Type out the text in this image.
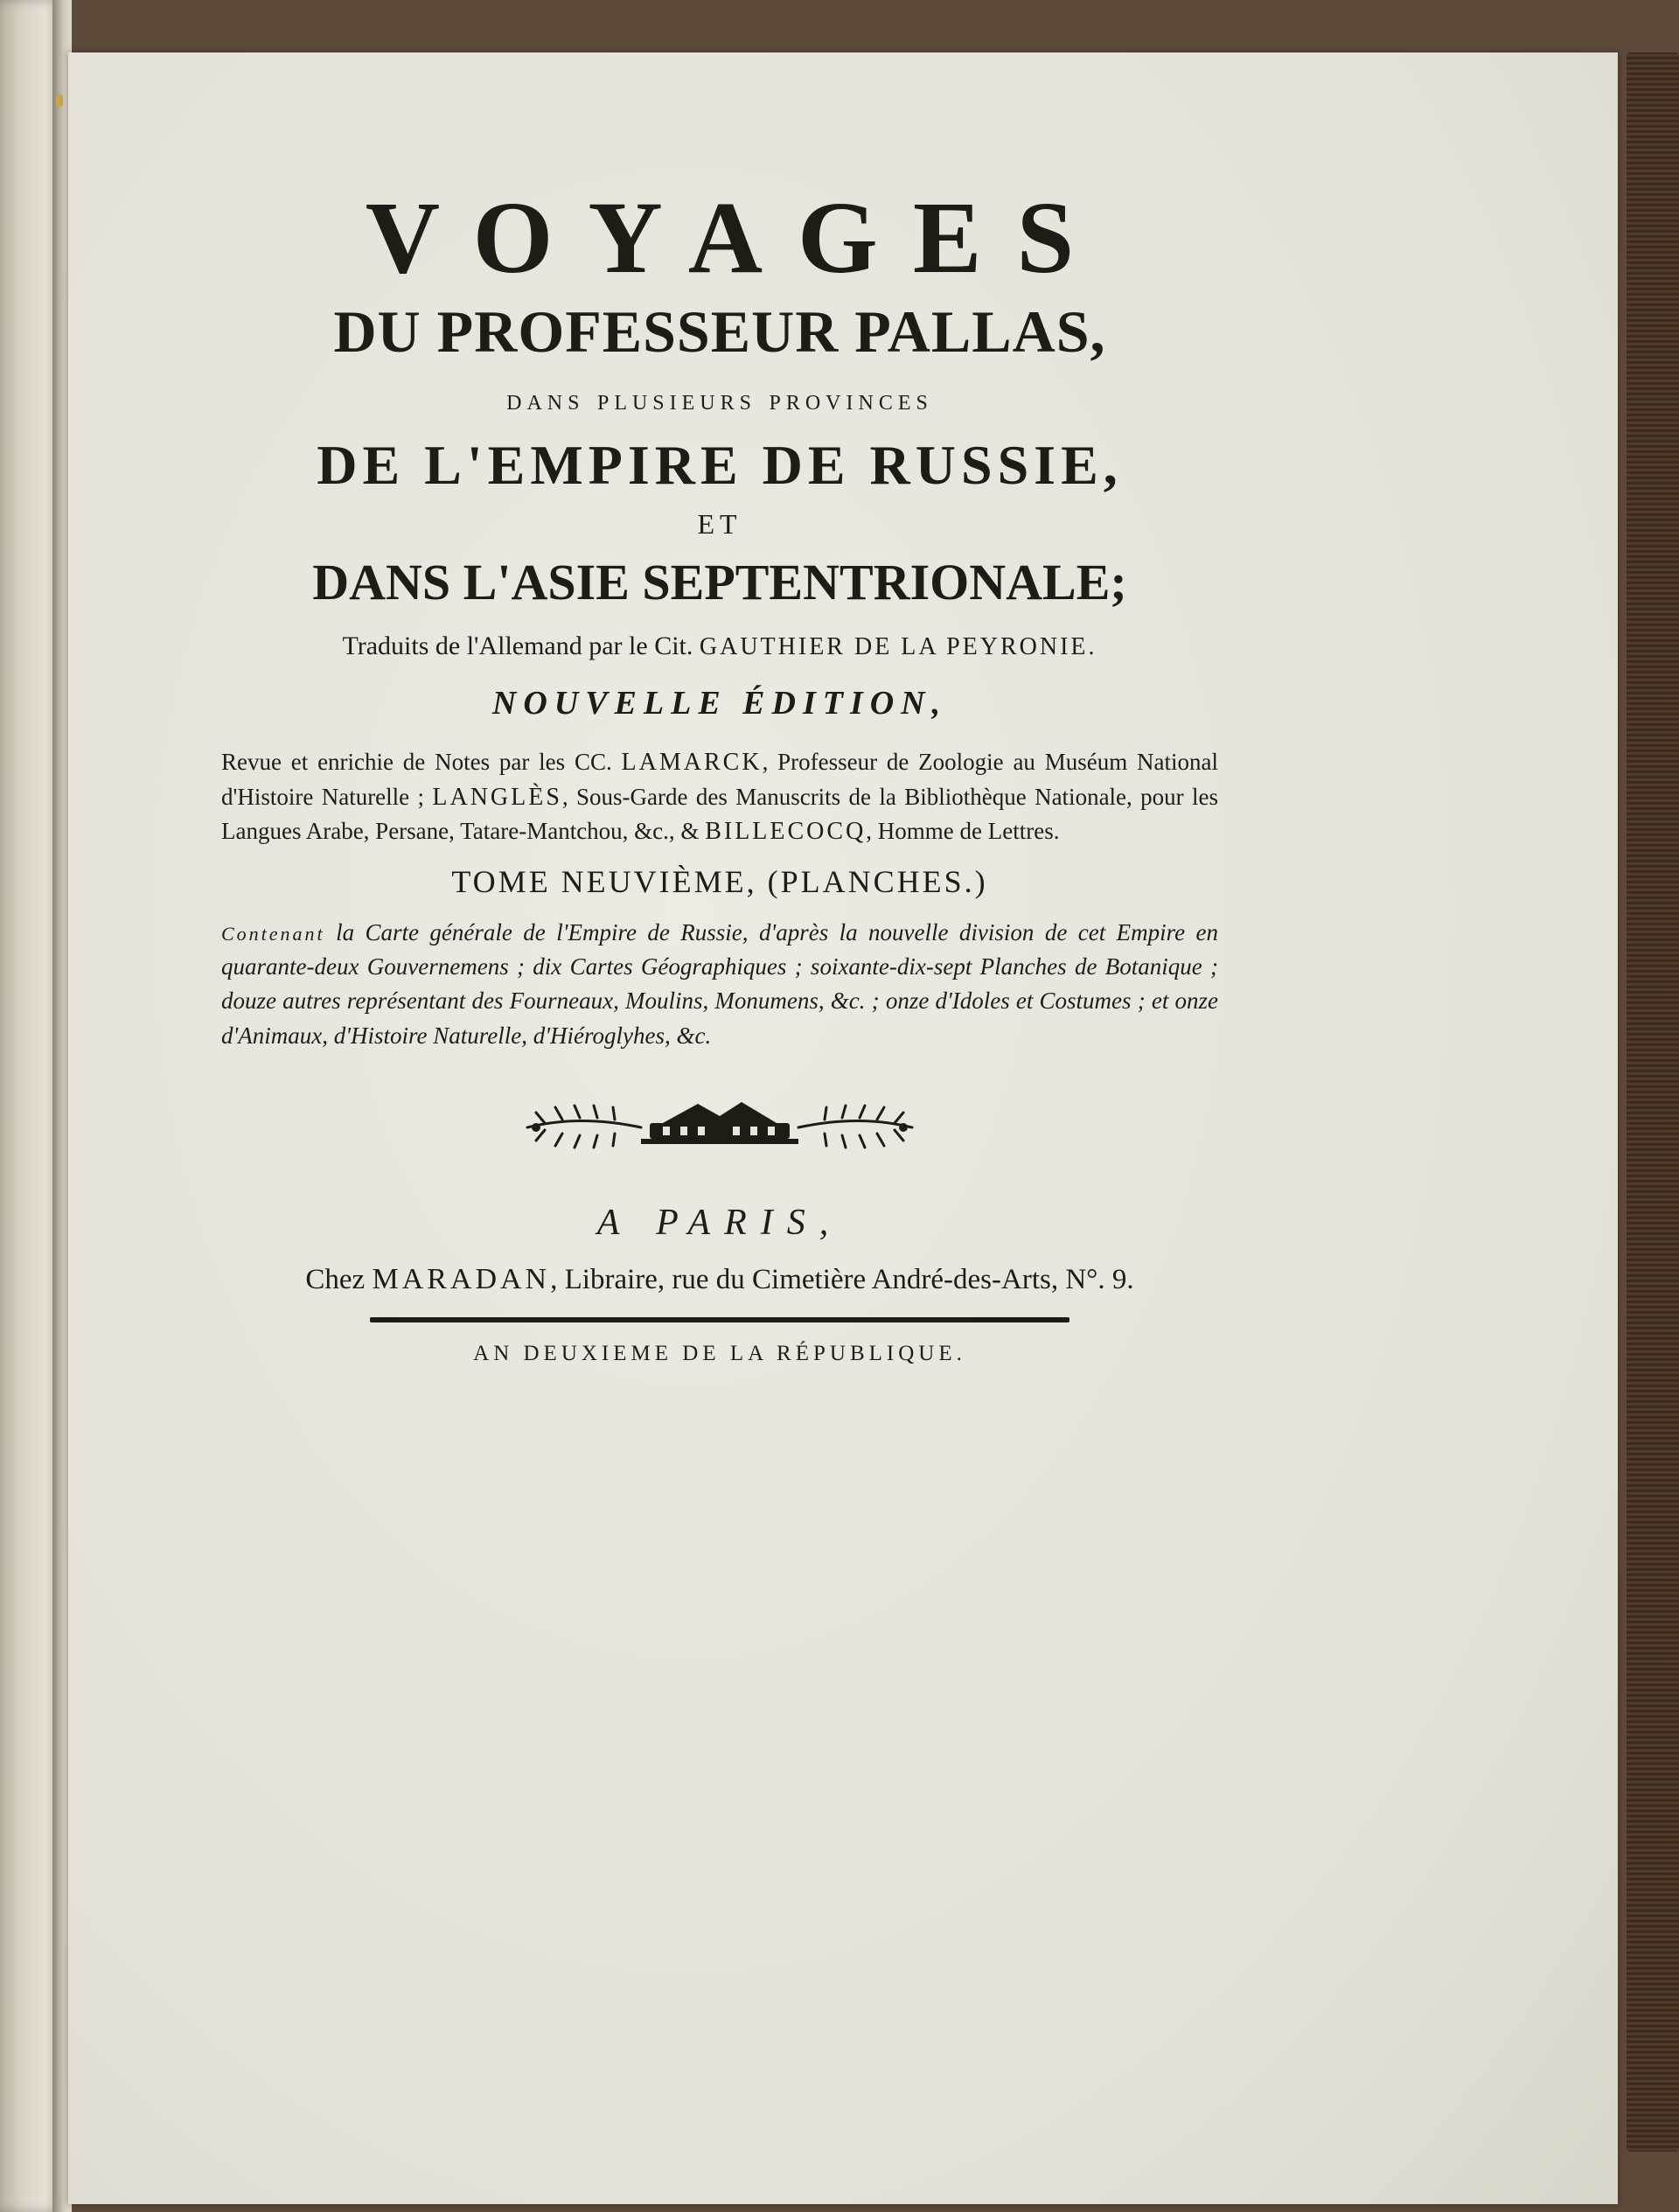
VOYAGES

DU PROFESSEUR PALLAS,

dans plusieurs provinces

DE L'EMPIRE DE RUSSIE,

ET

DANS L'ASIE SEPTENTRIONALE;

Traduits de l'Allemand par le Cit. GAUTHIER DE LA PEYRONIE.

NOUVELLE ÉDITION,

Revue et enrichie de Notes par les CC. LAMARCK, Professeur de Zoologie au Muséum National d'Histoire Naturelle ; LANGLÈS, Sous-Garde des Manuscrits de la Bibliothèque Nationale, pour les Langues Arabe, Persane, Tatare-Mantchou, &c., & BILLECOCQ, Homme de Lettres.

TOME NEUVIÈME, (PLANCHES.)

Contenant la Carte générale de l'Empire de Russie, d'après la nouvelle division de cet Empire en quarante-deux Gouvernemens ; dix Cartes Géographiques ; soixante-dix-sept Planches de Botanique ; douze autres représentant des Fourneaux, Moulins, Monumens, &c. ; onze d'Idoles et Costumes ; et onze d'Animaux, d'Histoire Naturelle, d'Hiéroglyhes, &c.

A PARIS,

Chez MARADAN, Libraire, rue du Cimetière André-des-Arts, N°. 9.

AN DEUXIEME DE LA RÉPUBLIQUE.
